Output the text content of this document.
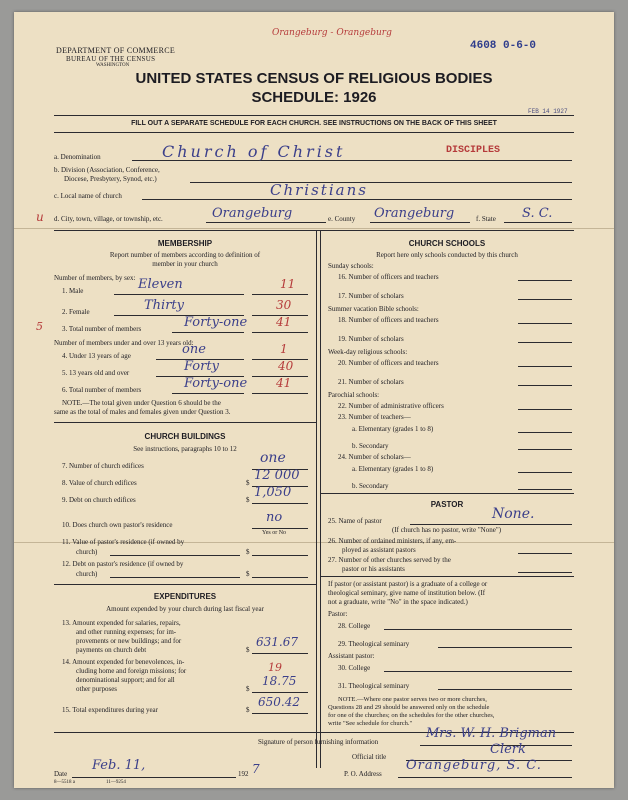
DEPARTMENT OF COMMERCE
BUREAU OF THE CENSUS
WASHINGTON
Orangeburg - Orangeburg
4608 0-6-0
FEB 14 1927
UNITED STATES CENSUS OF RELIGIOUS BODIES
SCHEDULE: 1926
FILL OUT A SEPARATE SCHEDULE FOR EACH CHURCH. SEE INSTRUCTIONS ON THE BACK OF THIS SHEET
a. Denomination	Church of Christ	DISCIPLES
b. Division (Association, Conference,
Diocese, Presbytery, Synod, etc.)
c. Local name of church	Christians
u d. City, town, village, or township, etc.	Orangeburg	e. County Orangeburg	f. State S. C.
MEMBERSHIP
Report number of members according to definition of
member in your church
Number of members, by sex:
1. Male	Eleven	11
2. Female	Thirty	30
5	3. Total number of members	Forty-one 41
Number of members under and over 13 years old:
4. Under 13 years of age	one	1
5. 13 years old and over	Forty	40
6. Total number of members	Forty-one 41
NOTE.—The total given under Question 6 should be the
same as the total of males and females given under Question 3.
CHURCH BUILDINGS
See instructions, paragraphs 10 to 12
7. Number of church edifices	one
8. Value of church edifices	$ 12 000
9. Debt on church edifices	$ 1,050
10. Does church own pastor's residence	no
Yes or No
11. Value of pastor's residence (if owned by
church)	$
12. Debt on pastor's residence (if owned by
church)	$
EXPENDITURES
Amount expended by your church during last fiscal year
13. Amount expended for salaries, repairs,
and other running expenses; for im-
provements or new buildings; and for
payments on church debt	$
631.67
14. Amount expended for benevolences, in-
cluding home and foreign missions; for
denominational support; and for all
other purposes
19
$
18.75
15. Total expenditures during year	$
650.42
CHURCH SCHOOLS
Report here only schools conducted by this church
Sunday schools:
16. Number of officers and teachers
17. Number of scholars
Summer vacation Bible schools:
18. Number of officers and teachers
19. Number of scholars
Week-day religious schools:
20. Number of officers and teachers
21. Number of scholars
Parochial schools:
22. Number of administrative officers
23. Number of teachers—
a. Elementary (grades 1 to 8)
b. Secondary
24. Number of scholars—
a. Elementary (grades 1 to 8)
b. Secondary
PASTOR
25. Name of pastor	None.
(If church has no pastor, write "None")
26. Number of ordained ministers, if any, em-
ployed as assistant pastors
27. Number of other churches served by the
pastor or his assistants
If pastor (or assistant pastor) is a graduate of a college or
theological seminary, give name of institution below. (If
not a graduate, write "No" in the space indicated.)
Pastor:
28. College
29. Theological seminary
Assistant pastor:
30. College
31. Theological seminary
NOTE.—Where one pastor serves two or more churches,
Questions 28 and 29 should be answered only on the schedule
for one of the churches; on the schedules for the other churches,
write "See schedule for church."
Signature of person furnishing information
Mrs. W. H. Brigman
Official title	Clerk
Date
Feb. 11,
192 7	P. O. Address
Orangeburg, S. C.
8—5518 a	11—9254
